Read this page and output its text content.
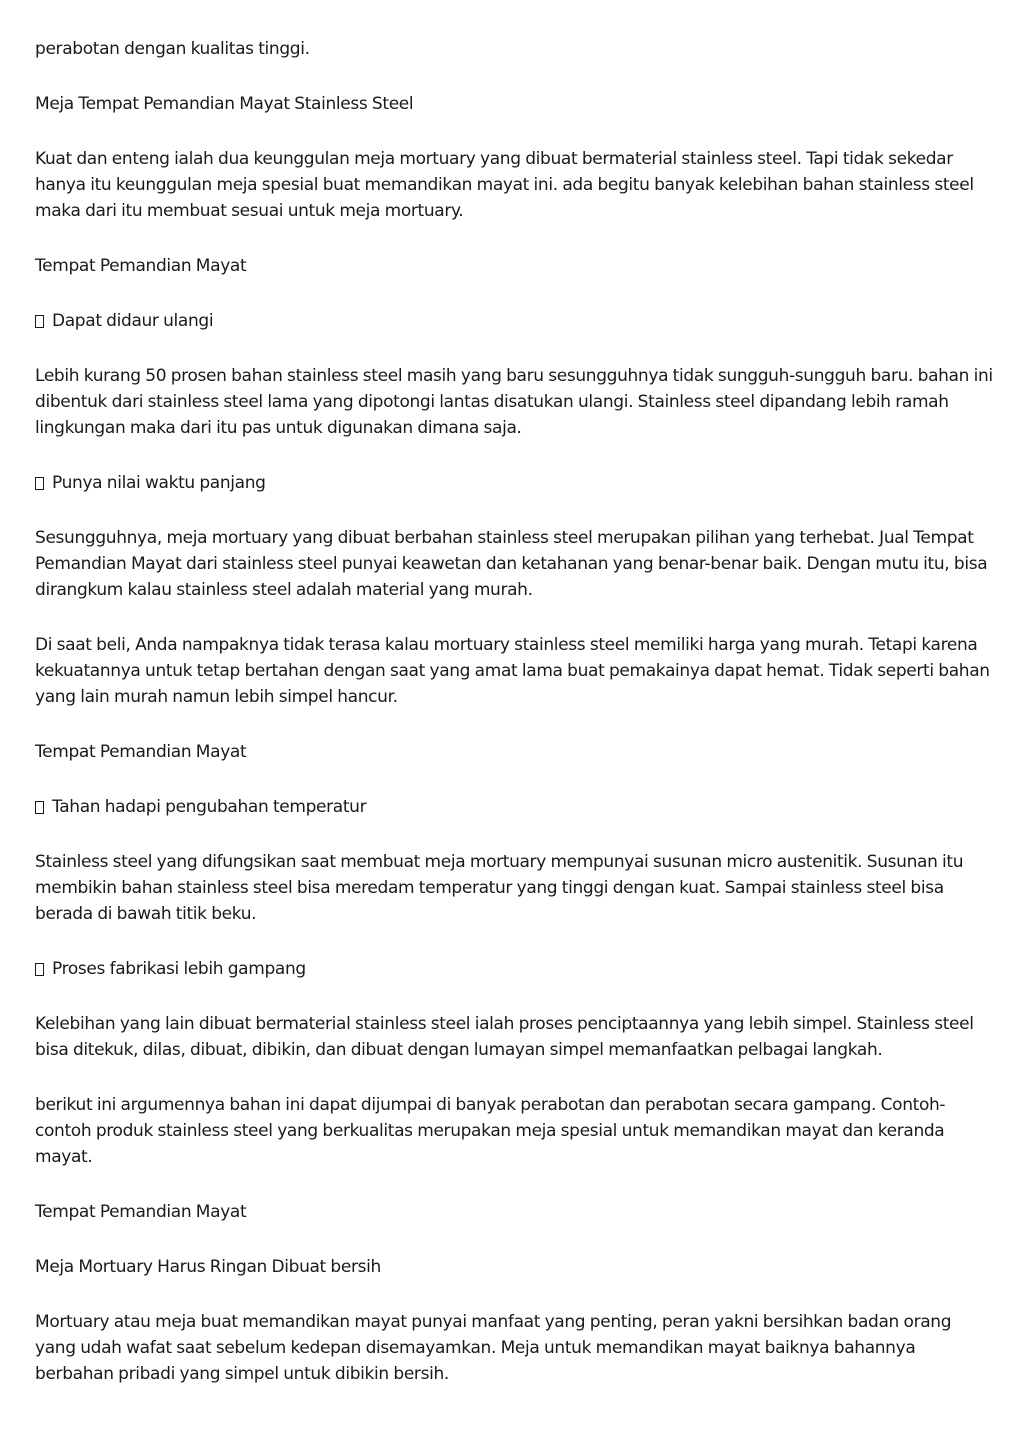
perabotan dengan kualitas tinggi.

Meja Tempat Pemandian Mayat Stainless Steel

Kuat dan enteng ialah dua keunggulan meja mortuary yang dibuat bermaterial stainless steel. Tapi tidak sekedar hanya itu keunggulan meja spesial buat memandikan mayat ini. ada begitu banyak kelebihan bahan stainless steel maka dari itu membuat sesuai untuk meja mortuary.

Tempat Pemandian Mayat

Dapat didaur ulangi

Lebih kurang 50 prosen bahan stainless steel masih yang baru sesungguhnya tidak sungguh-sungguh baru. bahan ini dibentuk dari stainless steel lama yang dipotongi lantas disatukan ulangi. Stainless steel dipandang lebih ramah lingkungan maka dari itu pas untuk digunakan dimana saja.

Punya nilai waktu panjang

Sesungguhnya, meja mortuary yang dibuat berbahan stainless steel merupakan pilihan yang terhebat. Jual Tempat Pemandian Mayat dari stainless steel punyai keawetan dan ketahanan yang benar-benar baik. Dengan mutu itu, bisa dirangkum kalau stainless steel adalah material yang murah.

Di saat beli, Anda nampaknya tidak terasa kalau mortuary stainless steel memiliki harga yang murah. Tetapi karena kekuatannya untuk tetap bertahan dengan saat yang amat lama buat pemakainya dapat hemat. Tidak seperti bahan yang lain murah namun lebih simpel hancur.

Tempat Pemandian Mayat

Tahan hadapi pengubahan temperatur

Stainless steel yang difungsikan saat membuat meja mortuary mempunyai susunan micro austenitik. Susunan itu membikin bahan stainless steel bisa meredam temperatur yang tinggi dengan kuat. Sampai stainless steel bisa berada di bawah titik beku.

Proses fabrikasi lebih gampang

Kelebihan yang lain dibuat bermaterial stainless steel ialah proses penciptaannya yang lebih simpel. Stainless steel bisa ditekuk, dilas, dibuat, dibikin, dan dibuat dengan lumayan simpel memanfaatkan pelbagai langkah.

berikut ini argumennya bahan ini dapat dijumpai di banyak perabotan dan perabotan secara gampang. Contoh-contoh produk stainless steel yang berkualitas merupakan meja spesial untuk memandikan mayat dan keranda mayat.

Tempat Pemandian Mayat

Meja Mortuary Harus Ringan Dibuat bersih

Mortuary atau meja buat memandikan mayat punyai manfaat yang penting, peran yakni bersihkan badan orang yang udah wafat saat sebelum kedepan disemayamkan. Meja untuk memandikan mayat baiknya bahannya berbahan pribadi yang simpel untuk dibikin bersih.
